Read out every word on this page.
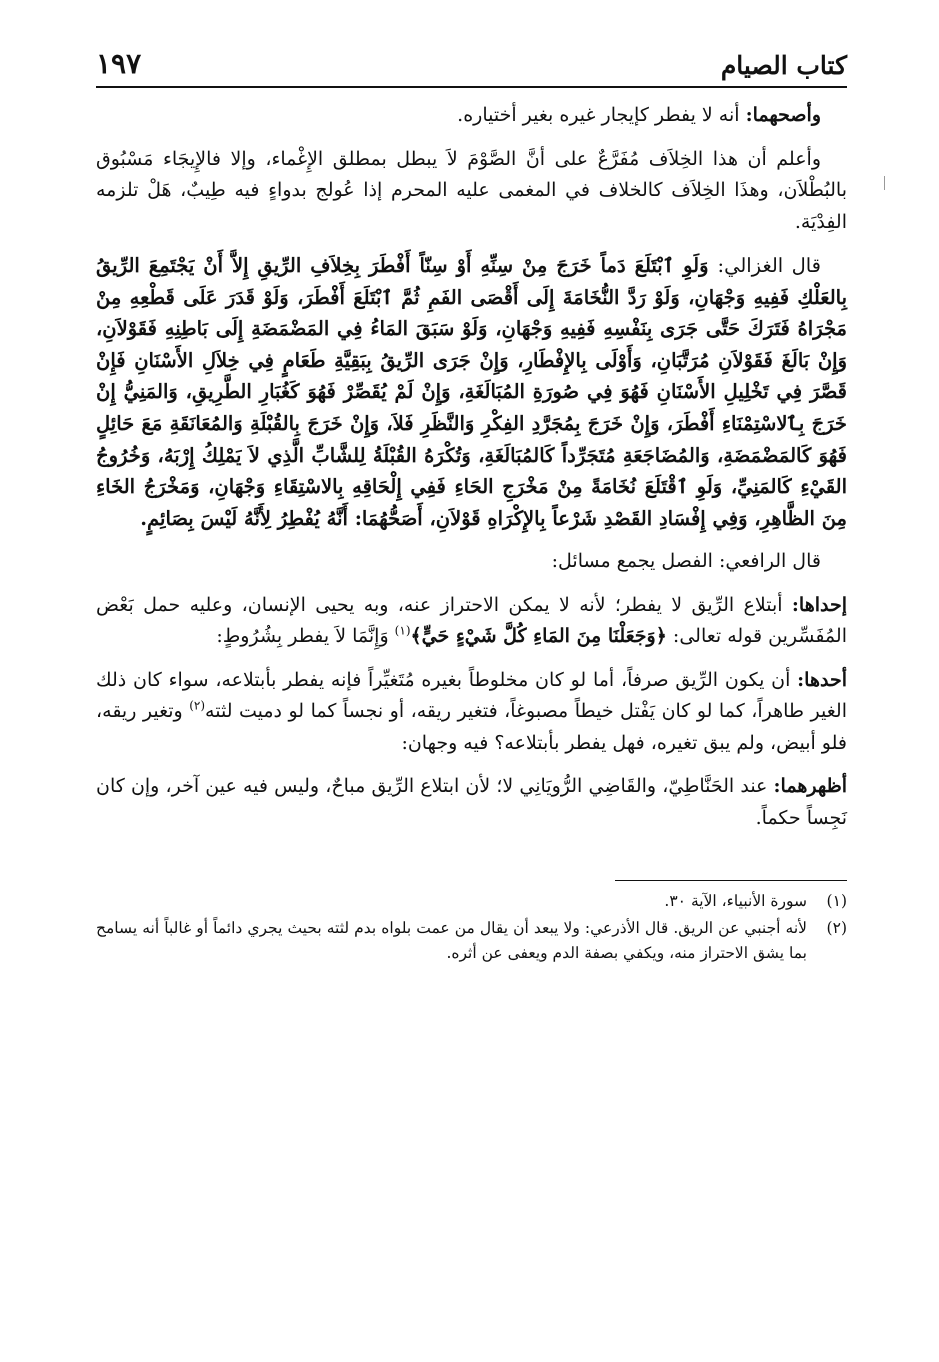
كتاب الصيام
١٩٧

وأصحهما: أنه لا يفطر كإيجار غيره بغير أختياره.

وأعلم أن هذا الخِلاَف مُفَرَّعٌ على أنَّ الصَّوْمَ لاَ يبطل بمطلق الإِغْماء، وإلا فالإِيجَاء مَسْبُوق بالبُطْلاَن، وهذَا الخِلاَف كالخلاف في المغمى عليه المحرم إذا عُولج بدواءٍ فيه طِيبٌ، هَلْ تلزمه الفِدْيَة.

قال الغزالي: وَلَوِ ٱبْتَلَعَ دَماً خَرَجَ مِنْ سِنِّهِ أَوْ سِنّاً أَفْطَرَ بِخِلاَفِ الرِّيقِ إِلاَّ أَنْ يَجْتَمِعَ الرِّيقُ بِالعَلْكِ فَفِيهِ وَجْهَانِ، وَلَوْ رَدَّ النُّخَامَةَ إِلَى أَقْصَى الفَمِ ثُمَّ ٱبْتَلَعَ أَفْطَرَ، وَلَوْ قَدَرَ عَلَى قَطْعِهِ مِنْ مَجْرَاهُ فَتَرَكَ حَتَّى جَرَى بِنَفْسِهِ فَفِيهِ وَجْهَانِ، وَلَوْ سَبَقَ المَاءُ فِي المَضْمَضَةِ إِلَى بَاطِنِهِ فَقَوْلاَنِ، وَإِنْ بَالَغَ فَقَوْلاَنِ مُرَتَّبَانِ، وَأَوْلَى بِالإِفْطَارِ، وَإِنْ جَرَى الرِّيقُ بِبَقِيَّةِ طَعَامٍ فِي خِلاَلِ الأَسْنَانِ فَإِنْ قَصَّرَ فِي تَخْلِيلِ الأَسْنَانِ فَهُوَ فِي صُورَةِ المُبَالَغَةِ، وَإِنْ لَمْ يُقَصِّرْ فَهُوَ كَغُبَارِ الطَّرِيقِ، وَالمَنِيُّ إِنْ خَرَجَ بِٱلاسْتِمْنَاءِ أَفْطَرَ، وَإِنْ خَرَجَ بِمُجَرَّدِ الفِكْرِ وَالنَّظَرِ فَلاَ، وَإِنْ خَرَجَ بِالقُبْلَةِ وَالمُعَانَقَةِ مَعَ حَائِلٍ فَهُوَ كَالمَضْمَضَةِ، وَالمُضَاجَعَةِ مُتَجَرِّداً كَالمُبَالَغَةِ، وَتُكْرَهُ القُبْلَةُ لِلشَّابِّ الَّذِي لاَ يَمْلِكُ إِرْبَهُ، وَخُرُوجُ القَيْءِ كَالمَنِيِّ، وَلَوِ ٱقْتَلَعَ نُخَامَةً مِنْ مَخْرَجِ الحَاءِ فَفِي إِلْحَاقِهِ بِالاسْتِقَاءِ وَجْهَانِ، وَمَخْرَجُ الخَاءِ مِنَ الظَّاهِرِ، وَفِي إِفْسَادِ القَصْدِ شَرْعاً بِالإِكْرَاهِ قَوْلاَنِ، أَصَحُّهُمَا: أَنَّهُ يُفْطِرُ لِأَنَّهُ لَيْسَ بِصَائِمٍ.

قال الرافعي: الفصل يجمع مسائل:

إحداها: أبتلاع الرِّيق لا يفطر؛ لأنه لا يمكن الاحتراز عنه، وبه يحيى الإنسان، وعليه حمل بَعْض المُفَسِّرين قوله تعالى: ﴿وَجَعَلْنَا مِنَ المَاءِ كُلَّ شَيْءٍ حَيٍّ﴾$^{(١)}$ وَإِنَّمَا لاَ يفطر بِشُرُوطٍ:

أحدها: أن يكون الرِّيق صرفاً، أما لو كان مخلوطاً بغيره مُتَغيِّراً فإنه يفطر بأبتلاعه، سواء كان ذلك الغير طاهراً، كما لو كان يَفْتل خيطاً مصبوغاً، فتغير ريقه، أو نجساً كما لو دميت لثته$^{(٢)}$ وتغير ريقه، فلو أبيض، ولم يبق تغيره، فهل يفطر بأبتلاعه؟ فيه وجهان:

أظهرهما: عند الحَنَّاطِيّ، والقَاضِي الرُّويَانِي لا؛ لأن ابتلاع الرِّيق مباحٌ، وليس فيه عين آخر، وإن كان نَجِساً حكماً.

(١)
سورة الأنبياء، الآية ٣٠.
(٢)
لأنه أجنبي عن الريق. قال الأذرعي: ولا يبعد أن يقال من عمت بلواه بدم لثته بحيث يجري دائماً أو غالباً أنه يسامح بما يشق الاحتراز منه، ويكفي بصفة الدم ويعفى عن أثره.
